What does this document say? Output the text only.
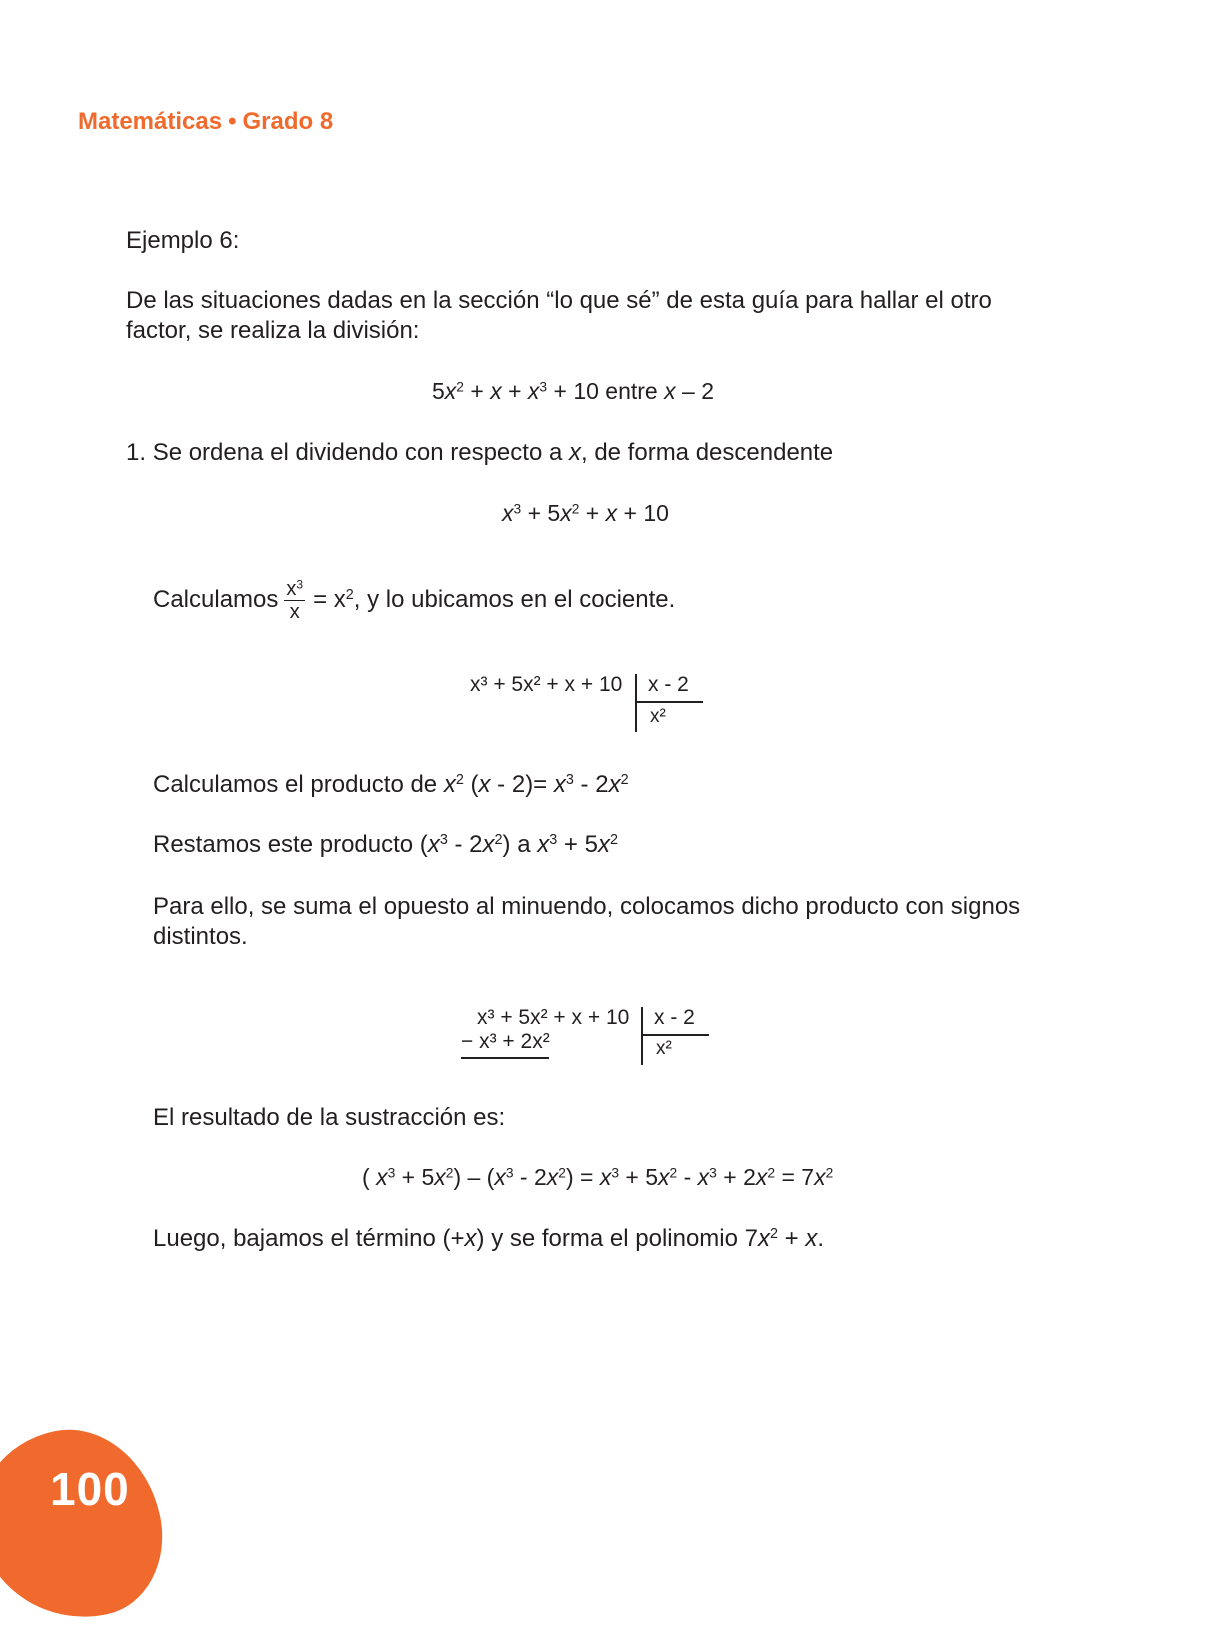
Matemáticas • Grado 8
Ejemplo 6:
De las situaciones dadas en la sección “lo que sé” de esta guía para hallar el otro factor, se realiza la división:
$5x^2 + x + x^3 + 10$ entre x – 2
1. Se ordena el dividendo con respecto a x, de forma descendente
$x^3 + 5x^2 + x + 10$
Calculamos $\frac{x^3}{x} = x^2$, y lo ubicamos en el cociente.
x³ + 5x² + x + 10 x - 2
x²
Calculamos el producto de $x^2$ $(x - 2)= x^3 - 2x^2$
Restamos este producto $(x^3 - 2x^2)$ a $x^3 + 5x^2$
Para ello, se suma el opuesto al minuendo, colocamos dicho producto con signos distintos.
x³ + 5x² + x + 10
− x³ + 2x²
x - 2
x²
El resultado de la sustracción es:
( $x^3 + 5x^2) - (x^3 - 2x^2) = x^3 + 5x^2 - x^3 + 2x^2 = 7x^2$
Luego, bajamos el término (+x) y se forma el polinomio $7x^2 + x$.
100
